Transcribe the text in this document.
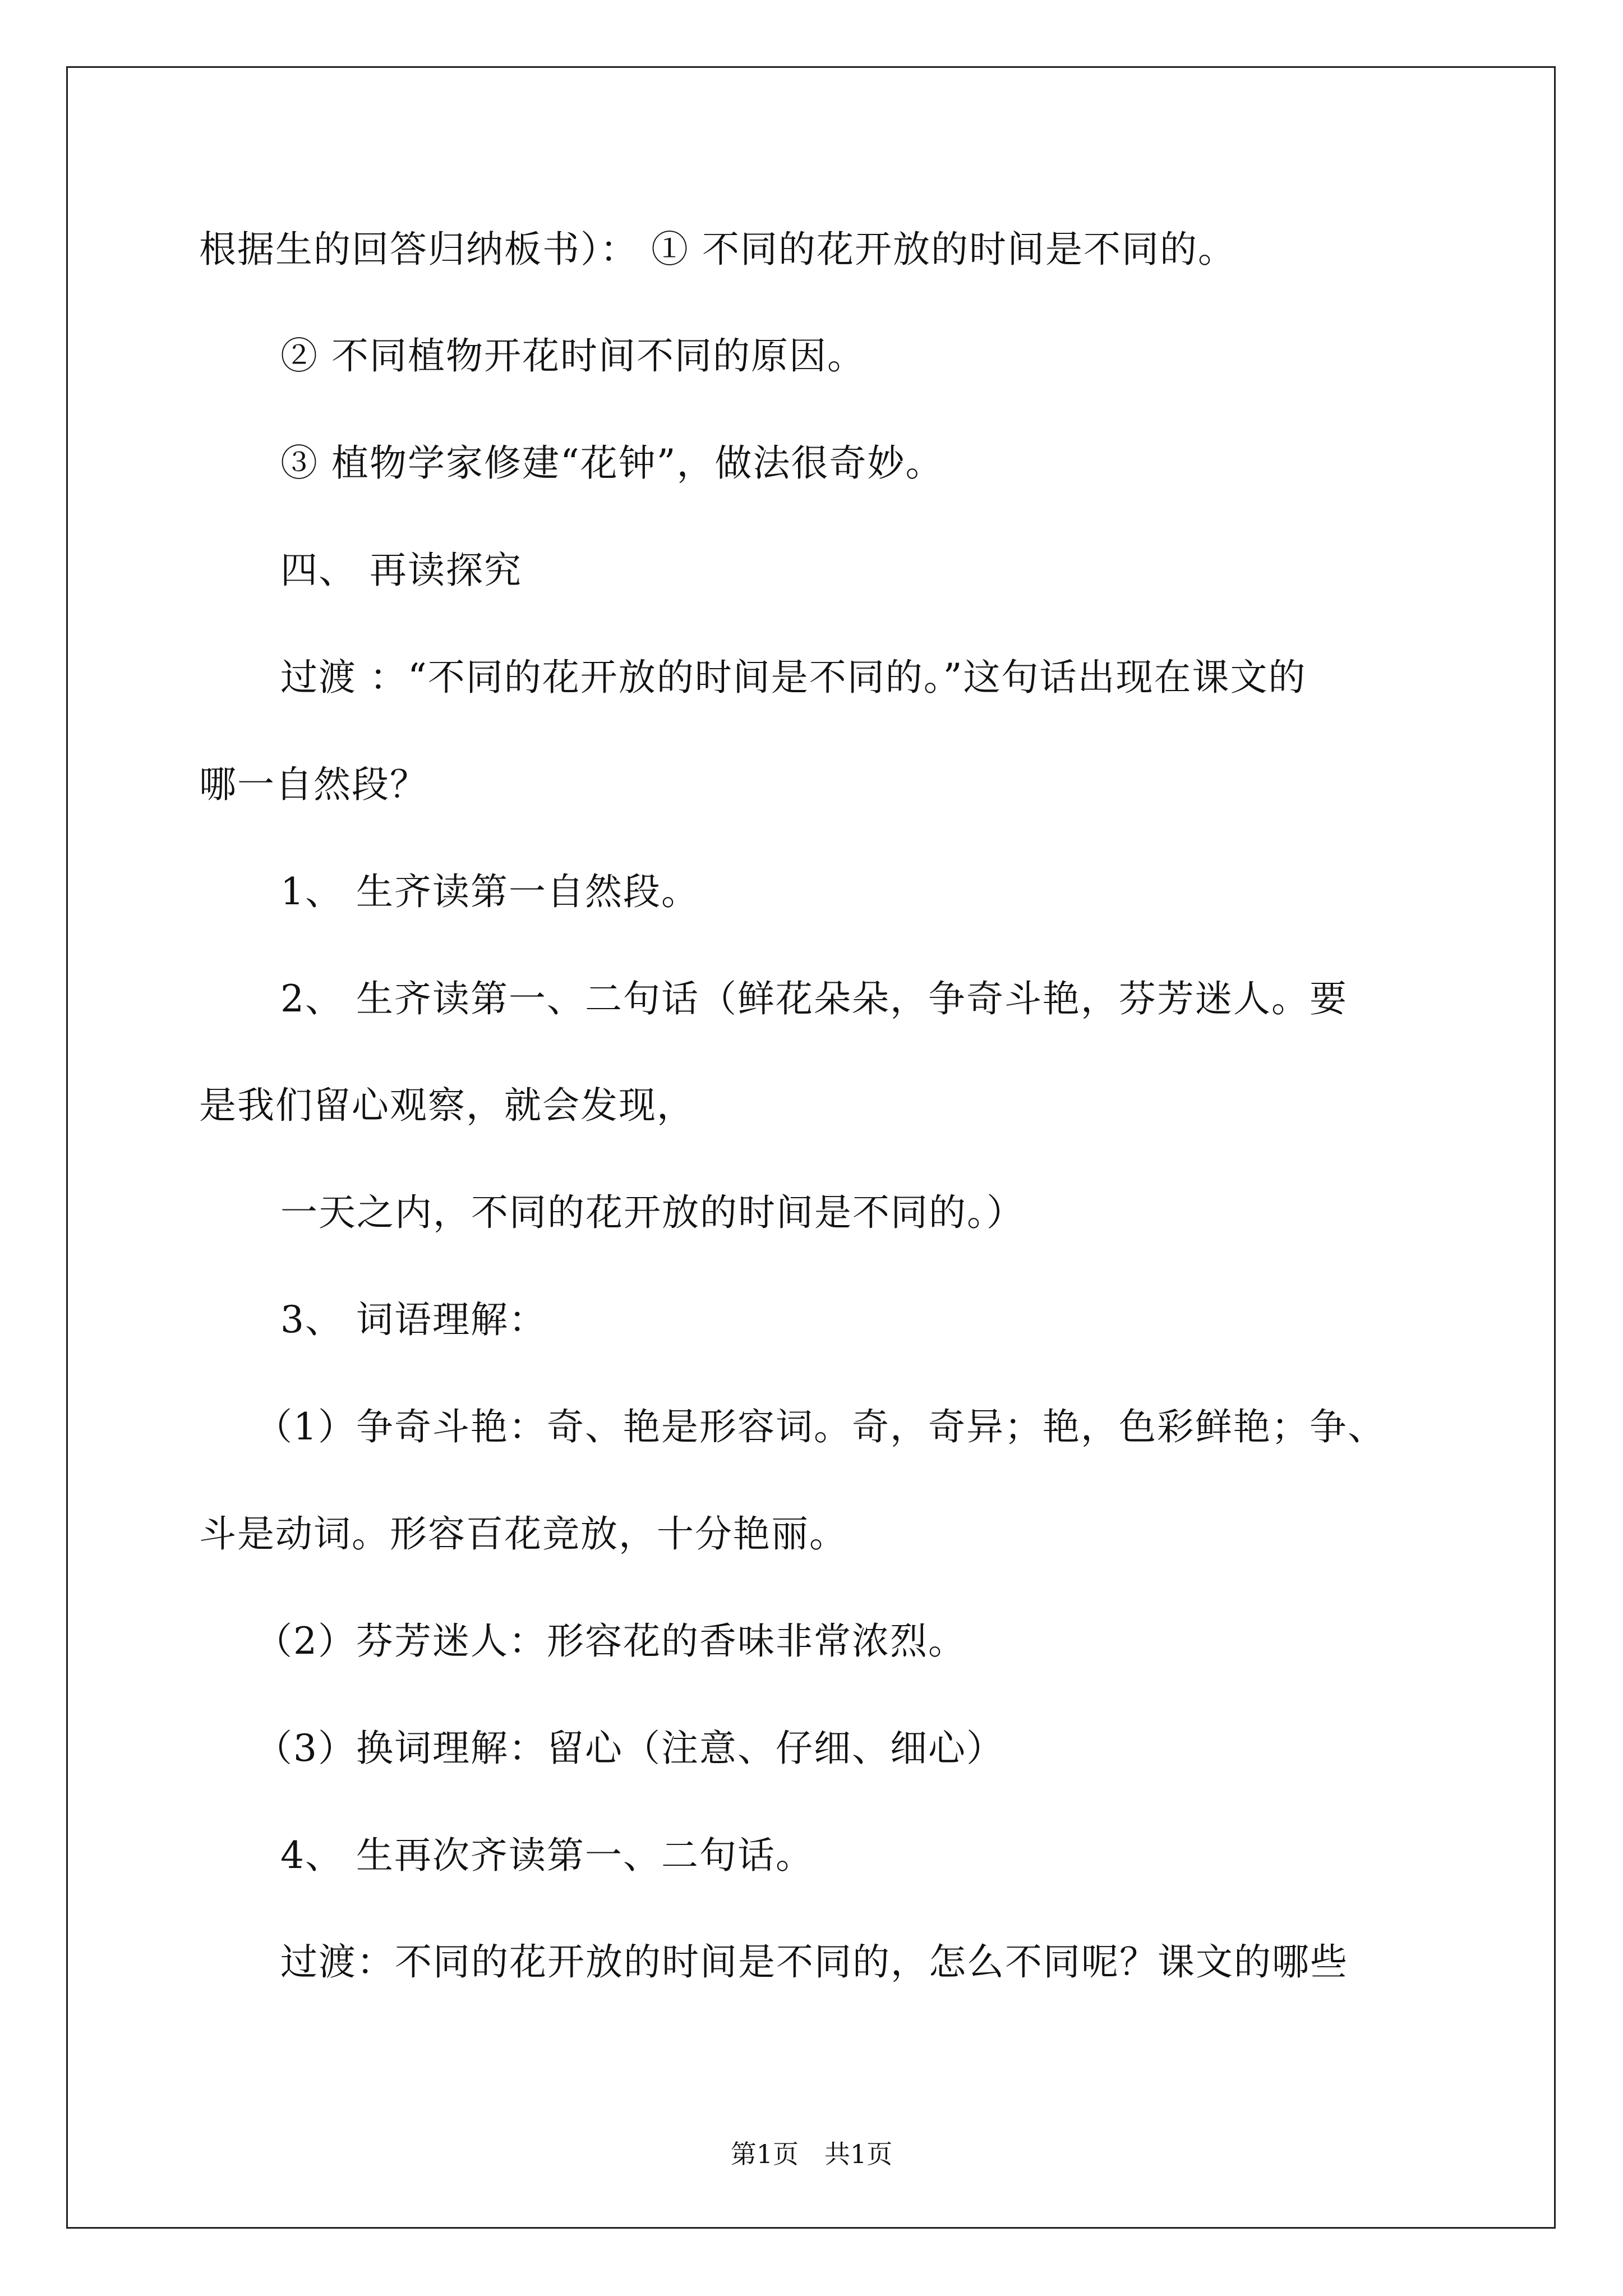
根据生的回答归纳板书）： ① 不同的花开放的时间是不同的。
② 不同植物开花时间不同的原因。
③ 植物学家修建“花钟”，做法很奇妙。
四、 再读探究
过渡 ：“不同的花开放的时间是不同的。”这句话出现在课文的
哪一自然段？
1、 生齐读第一自然段。
2、 生齐读第一、二句话（鲜花朵朵，争奇斗艳，芬芳迷人。要
是我们留心观察，就会发现，
一天之内，不同的花开放的时间是不同的。）
3、 词语理解：
（1）争奇斗艳：奇、艳是形容词。奇，奇异；艳，色彩鲜艳；争、
斗是动词。形容百花竞放，十分艳丽。
（2）芬芳迷人：形容花的香味非常浓烈。
（3）换词理解：留心（注意、仔细、细心）
4、 生再次齐读第一、二句话。
过渡：不同的花开放的时间是不同的，怎么不同呢？课文的哪些
第1页　共1页
